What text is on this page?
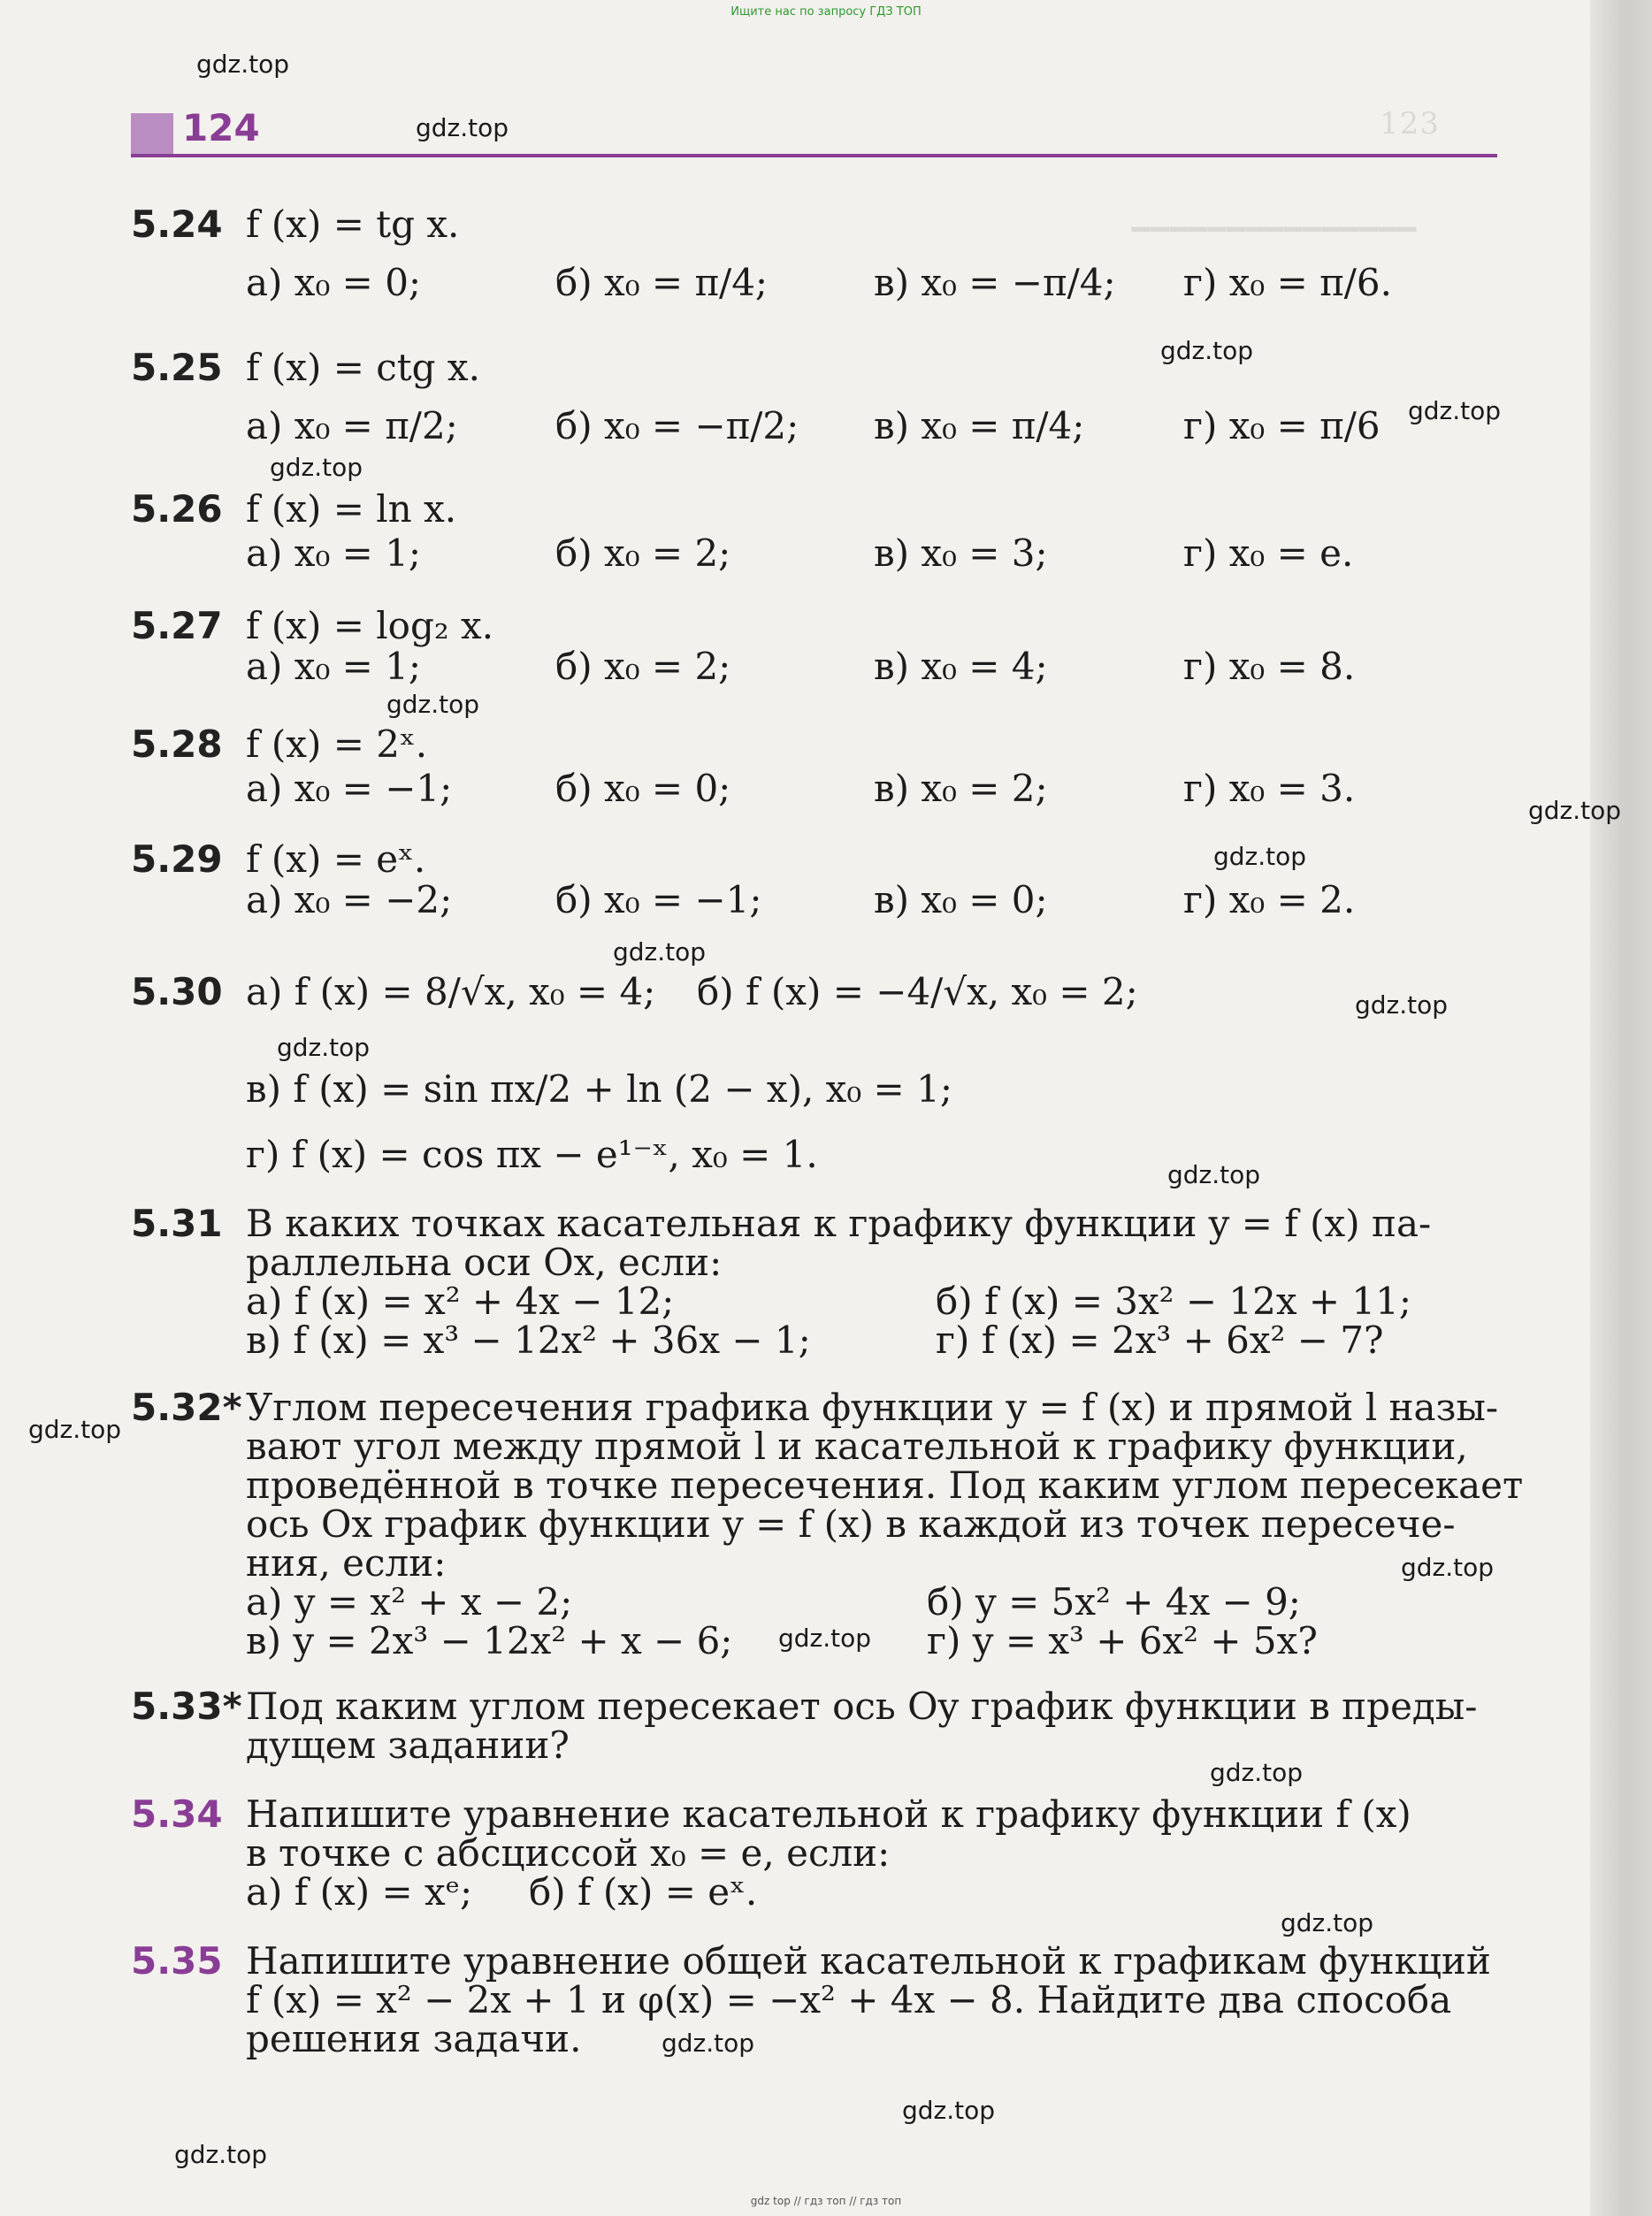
Ищите нас по запросу ГДЗ ТОП
123
━━━━━━━━━━━━━━━
124
gdz.top
gdz.top
gdz.top
gdz.top
gdz.top
gdz.top
gdz.top
gdz.top
gdz.top
gdz.top
gdz.top
gdz.top
gdz.top
gdz.top
gdz.top
gdz.top
gdz.top
gdz.top
gdz.top
gdz.top
5.24 f (x) = tg x.
а) x₀ = 0;	б) x₀ = π/4;	в) x₀ = −π/4; г) x₀ = π/6.
5.25 f (x) = ctg x.
а) x₀ = π/2;	б) x₀ = −π/2; в) x₀ = π/4;	г) x₀ = π/6
5.26 f (x) = ln x.
а) x₀ = 1;	б) x₀ = 2;	в) x₀ = 3;	г) x₀ = e.
5.27 f (x) = log₂ x.
а) x₀ = 1;	б) x₀ = 2;	в) x₀ = 4;	г) x₀ = 8.
5.28 f (x) = 2ˣ.
а) x₀ = −1;	б) x₀ = 0;	в) x₀ = 2;	г) x₀ = 3.
5.29 f (x) = eˣ.
а) x₀ = −2;	б) x₀ = −1;	в) x₀ = 0;	г) x₀ = 2.
5.30 а) f (x) = 8/√x, x₀ = 4; б) f (x) = −4/√x, x₀ = 2;
в) f (x) = sin πx/2 + ln (2 − x), x₀ = 1;
г) f (x) = cos πx − e¹⁻ˣ, x₀ = 1.
5.31 В каких точках касательная к графику функции y = f (x) па-
раллельна оси Ox, если:
а) f (x) = x² + 4x − 12;	б) f (x) = 3x² − 12x + 11;
в) f (x) = x³ − 12x² + 36x − 1;	г) f (x) = 2x³ + 6x² − 7?
5.32* Углом пересечения графика функции y = f (x) и прямой l назы-
вают угол между прямой l и касательной к графику функции,
проведённой в точке пересечения. Под каким углом пересекает
ось Ox график функции y = f (x) в каждой из точек пересече-
ния, если:
а) y = x² + x − 2;	б) y = 5x² + 4x − 9;
в) y = 2x³ − 12x² + x − 6;	г) y = x³ + 6x² + 5x?
5.33* Под каким углом пересекает ось Oy график функции в преды-
дущем задании?
5.34 Напишите уравнение касательной к графику функции f (x)
в точке с абсциссой x₀ = e, если:
а) f (x) = xᵉ; б) f (x) = eˣ.
5.35 Напишите уравнение общей касательной к графикам функций
f (x) = x² − 2x + 1 и φ(x) = −x² + 4x − 8. Найдите два способа
решения задачи.
gdz top // гдз топ // гдз топ
